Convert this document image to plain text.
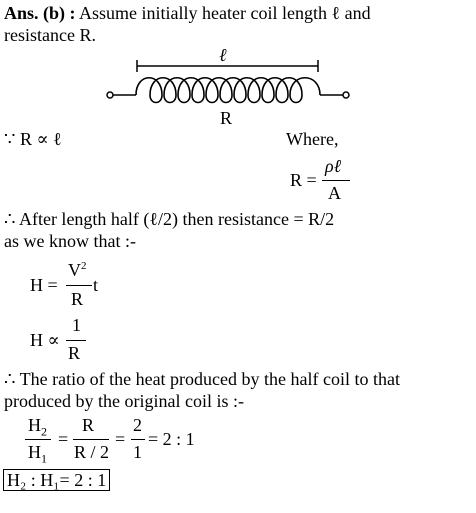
Ans. (b) : Assume initially heater coil length ℓ and
resistance R.
ℓ
R
∵ R ∝ ℓ	Where,
R =
ρℓ
A
∴ After length half (ℓ/2) then resistance = R/2
as we know that :-
H =
$V^2$
R
t
H ∝
1
R
∴ The ratio of the heat produced by the half coil to that
produced by the original coil is :-
$H_2$
$H_1$
=
R
R / 2
=
2
1
= 2 : 1
H₂ : H₁= 2 : 1
